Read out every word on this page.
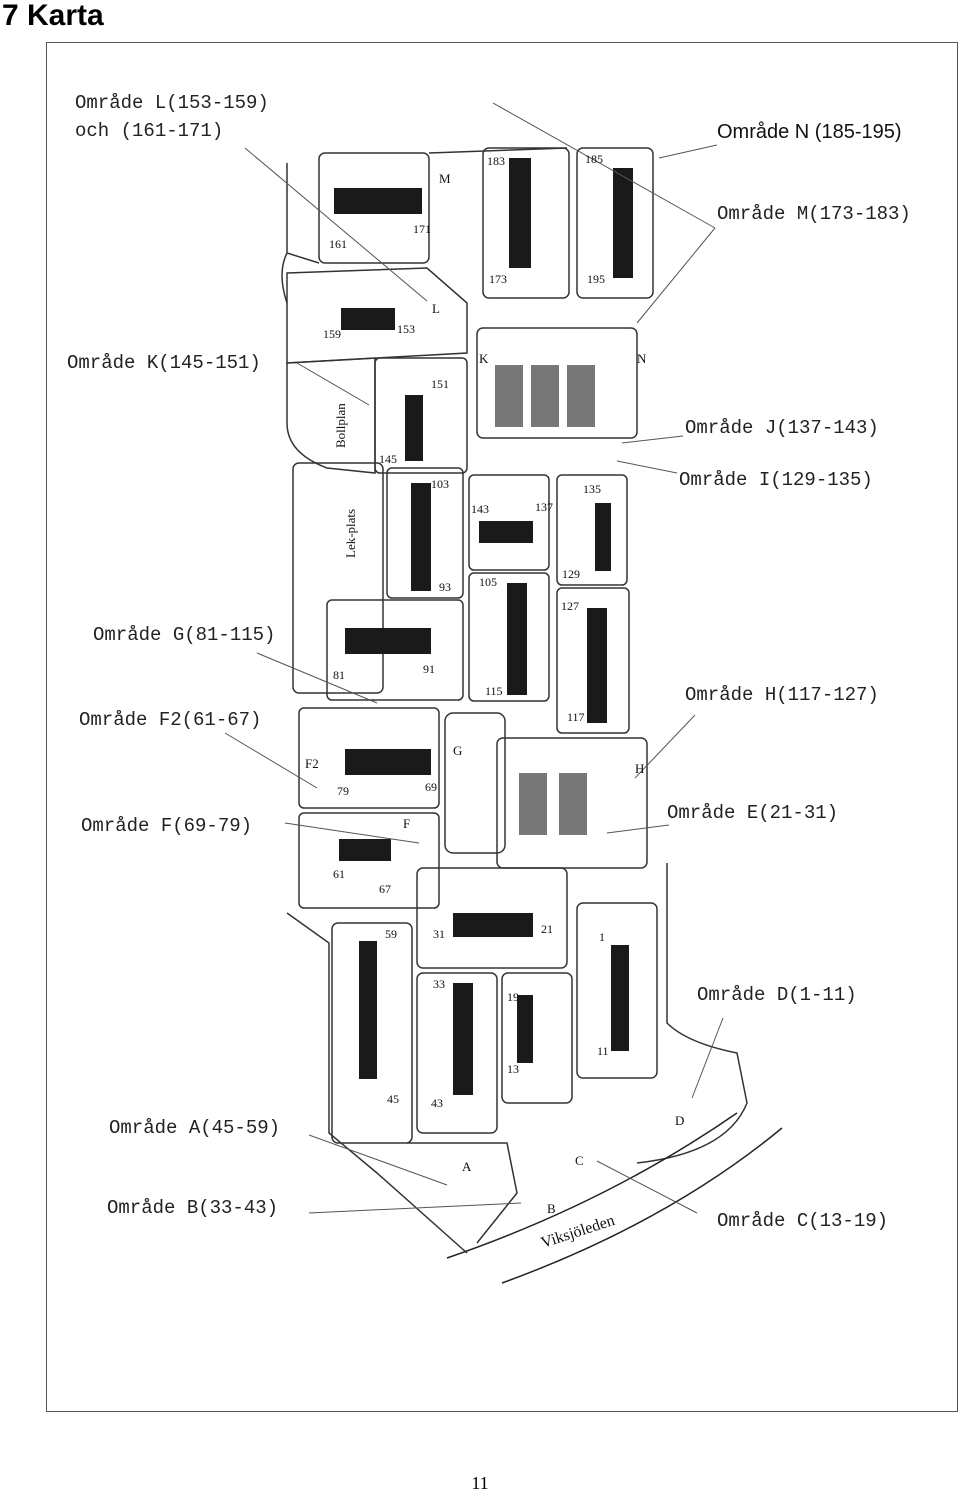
7 Karta
Område L(153-159)
och (161-171)	Område N (185-195)
Område M(173-183)
Område K(145-151)
Område J(137-143)
Område I(129-135)
Område G(81-115)
Område H(117-127)
Område F2(61-67)
Område E(21-31)
Område F(69-79)
Område D(1-11)
Område A(45-59)
Område B(33-43)
Område C(13-19)
Bollplan
Lek-plats
Viksjöleden
M
L
K	N
G
H
F2
F
A
B
C
D
183	185
173	195
161
171
159	153
151
145
103
93
143	137
135
129
105
115
127
117
81	91
79	69
61
67
59
45
31	21
33
43
19
13
1
11
11
